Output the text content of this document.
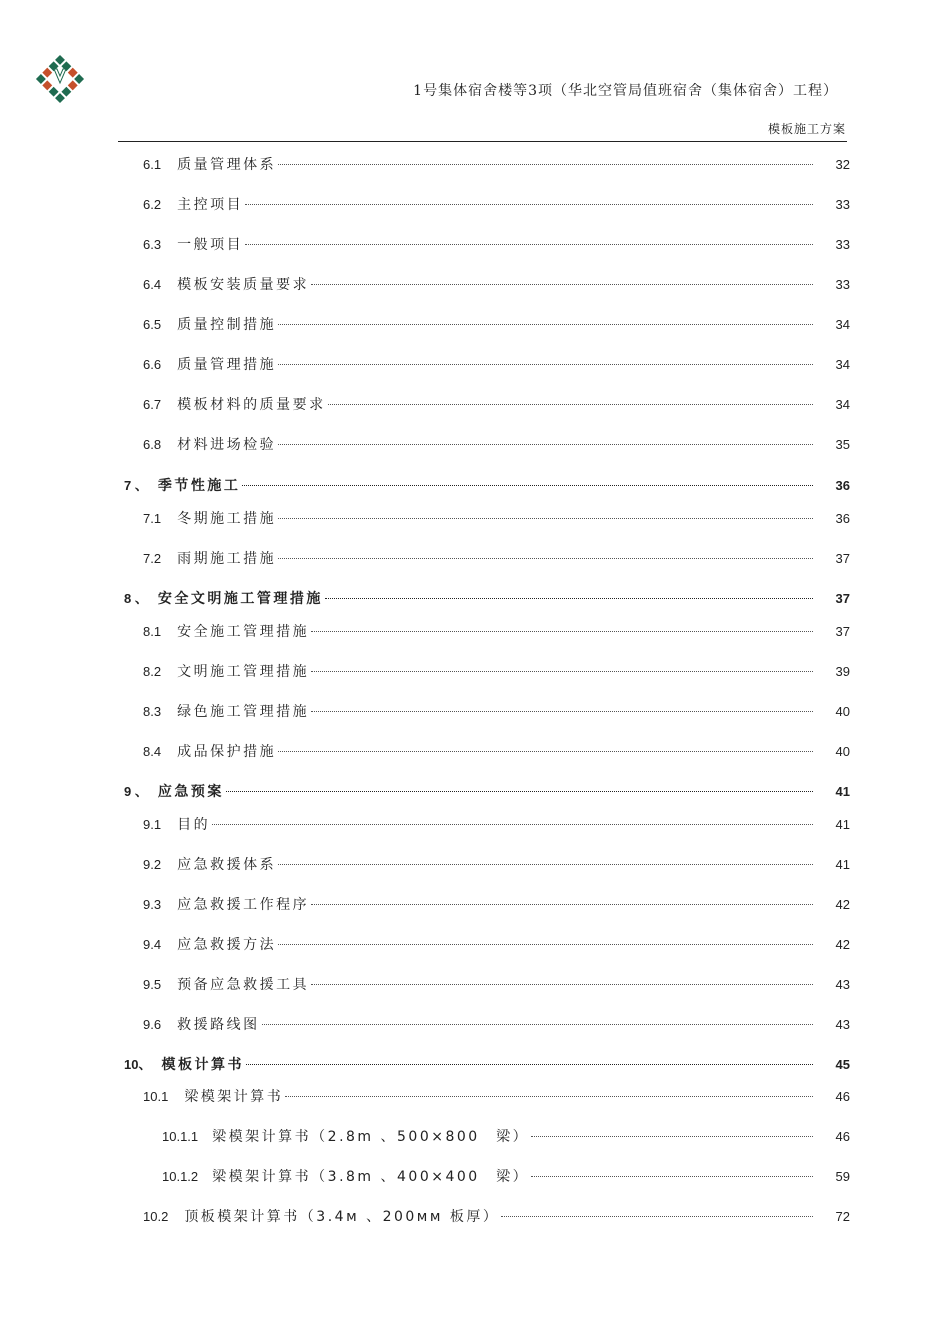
1号集体宿舍楼等3项（华北空管局值班宿舍（集体宿舍）工程）
模板施工方案
6.1 质量管理体系	32
6.2 主控项目	33
6.3 一般项目	33
6.4 模板安装质量要求	33
6.5 质量控制措施	34
6.6 质量管理措施	34
6.7 模板材料的质量要求	34
6.8 材料进场检验	35
7 、 季节性施工	36
7.1 冬期施工措施	36
7.2 雨期施工措施	37
8 、 安全文明施工管理措施	37
8.1 安全施工管理措施	37
8.2 文明施工管理措施	39
8.3 绿色施工管理措施	40
8.4 成品保护措施	40
9 、 应急预案	41
9.1 目的	41
9.2 应急救援体系	41
9.3 应急救援工作程序	42
9.4 应急救援方法	42
9.5 预备应急救援工具	43
9.6 救援路线图	43
10、 模板计算书	45
10.1 梁模架计算书	46
10.1.1 梁模架计算书（2.8m 、500×800　梁）	46
10.1.2 梁模架计算书（3.8m 、400×400　梁）	59
10.2 顶板模架计算书（3.4м 、200мм 板厚）	72
